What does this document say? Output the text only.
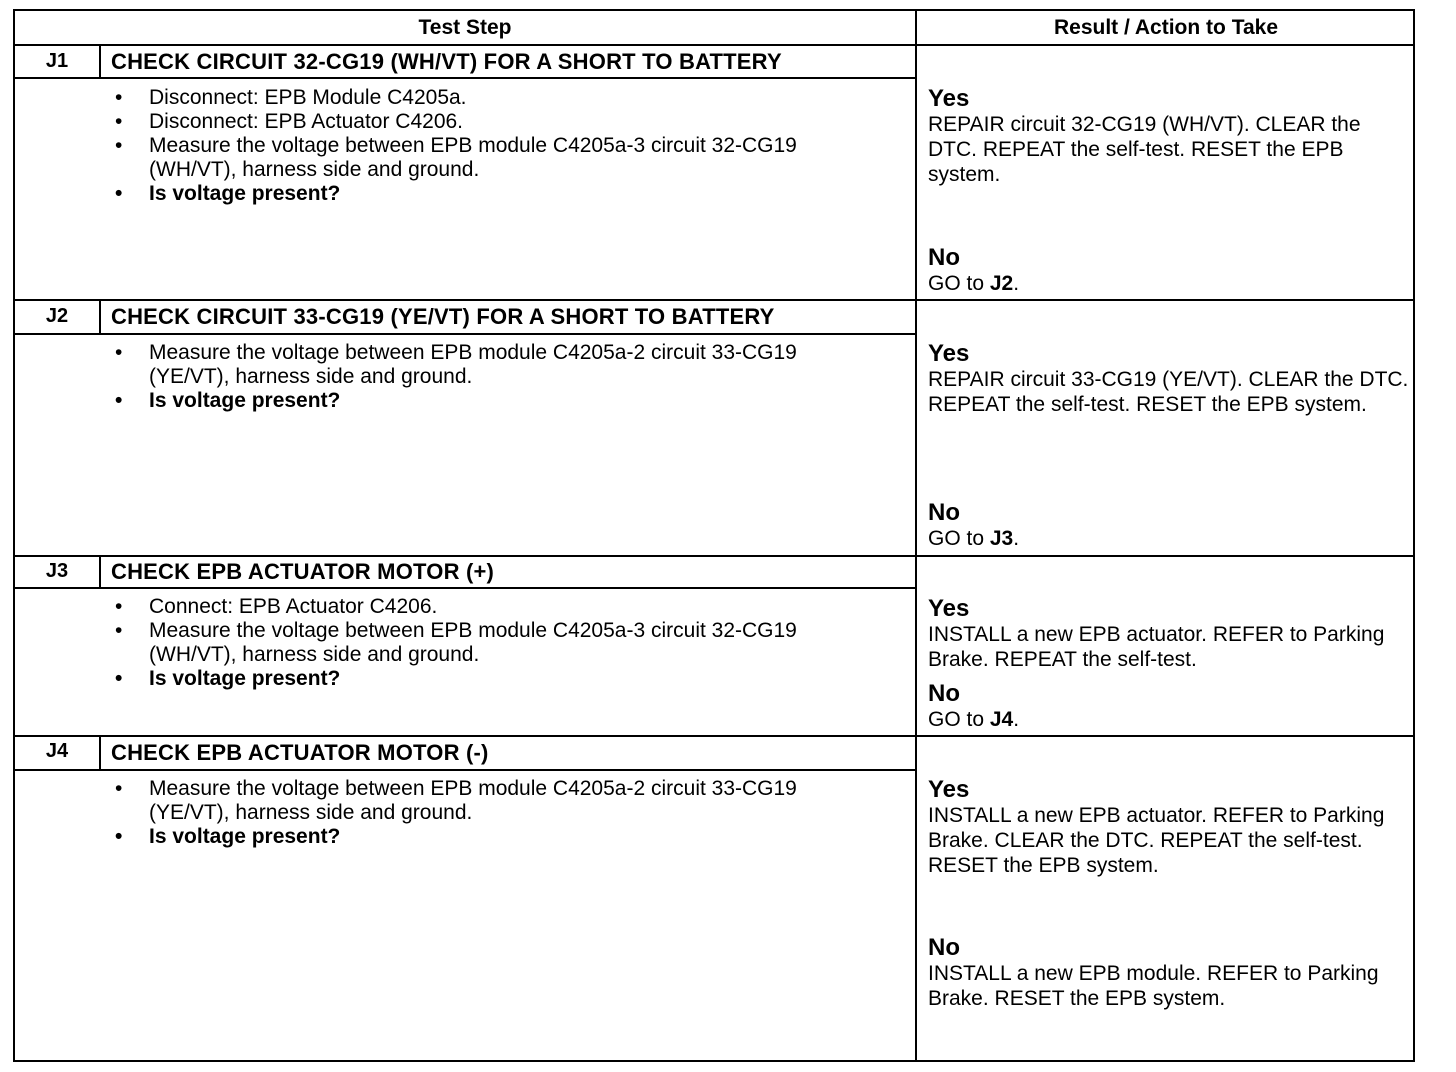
Test Step	Result / Action to Take
J1	CHECK CIRCUIT 32-CG19 (WH/VT) FOR A SHORT TO BATTERY
• Disconnect: EPB Module C4205a.
• Disconnect: EPB Actuator C4206.
• Measure the voltage between EPB module C4205a-3 circuit 32-CG19 (WH/VT), harness side and ground.
• Is voltage present?
Yes
REPAIR circuit 32-CG19 (WH/VT). CLEAR the DTC. REPEAT the self-test. RESET the EPB system.
No
GO to J2.
J2	CHECK CIRCUIT 33-CG19 (YE/VT) FOR A SHORT TO BATTERY
• Measure the voltage between EPB module C4205a-2 circuit 33-CG19 (YE/VT), harness side and ground.
• Is voltage present?
Yes
REPAIR circuit 33-CG19 (YE/VT). CLEAR the DTC. REPEAT the self-test. RESET the EPB system.
No
GO to J3.
J3	CHECK EPB ACTUATOR MOTOR (+)
• Connect: EPB Actuator C4206.
• Measure the voltage between EPB module C4205a-3 circuit 32-CG19 (WH/VT), harness side and ground.
• Is voltage present?
Yes
INSTALL a new EPB actuator. REFER to Parking Brake. REPEAT the self-test.
No
GO to J4.
J4	CHECK EPB ACTUATOR MOTOR (-)
• Measure the voltage between EPB module C4205a-2 circuit 33-CG19 (YE/VT), harness side and ground.
• Is voltage present?
Yes
INSTALL a new EPB actuator. REFER to Parking Brake. CLEAR the DTC. REPEAT the self-test. RESET the EPB system.
No
INSTALL a new EPB module. REFER to Parking Brake. RESET the EPB system.
